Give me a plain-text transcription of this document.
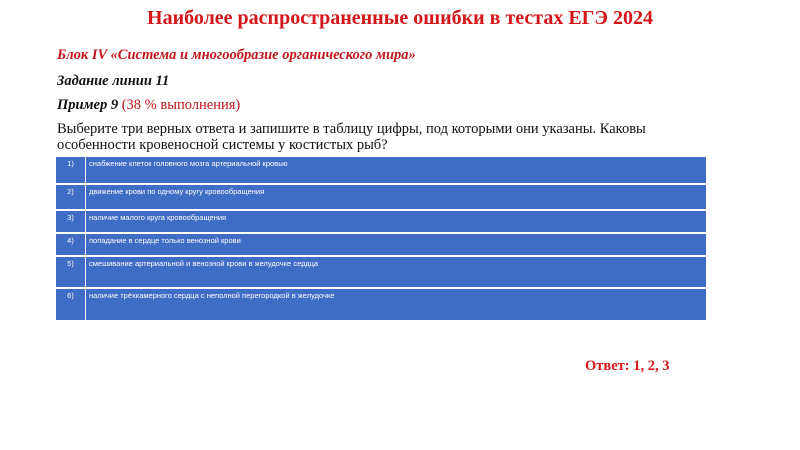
Наиболее распространенные ошибки в тестах ЕГЭ 2024
Блок IV «Система и многообразие органического мира»
Задание линии 11
Пример 9 (38 % выполнения)
Выберите три верных ответа и запишите в таблицу цифры, под которыми они указаны. Каковы особенности кровеносной системы у костистых рыб?
1)	снабжение клеток головного мозга артериальной кровью
2)	движение крови по одному кругу кровообращения
3)	наличие малого круга кровообращения
4)	попадание в сердце только венозной крови
5)	смешивание артериальной и венозной крови в желудочке сердца
6)	наличие трёхкамерного сердца с неполной перегородкой в желудочке
Ответ: 1, 2, 3
